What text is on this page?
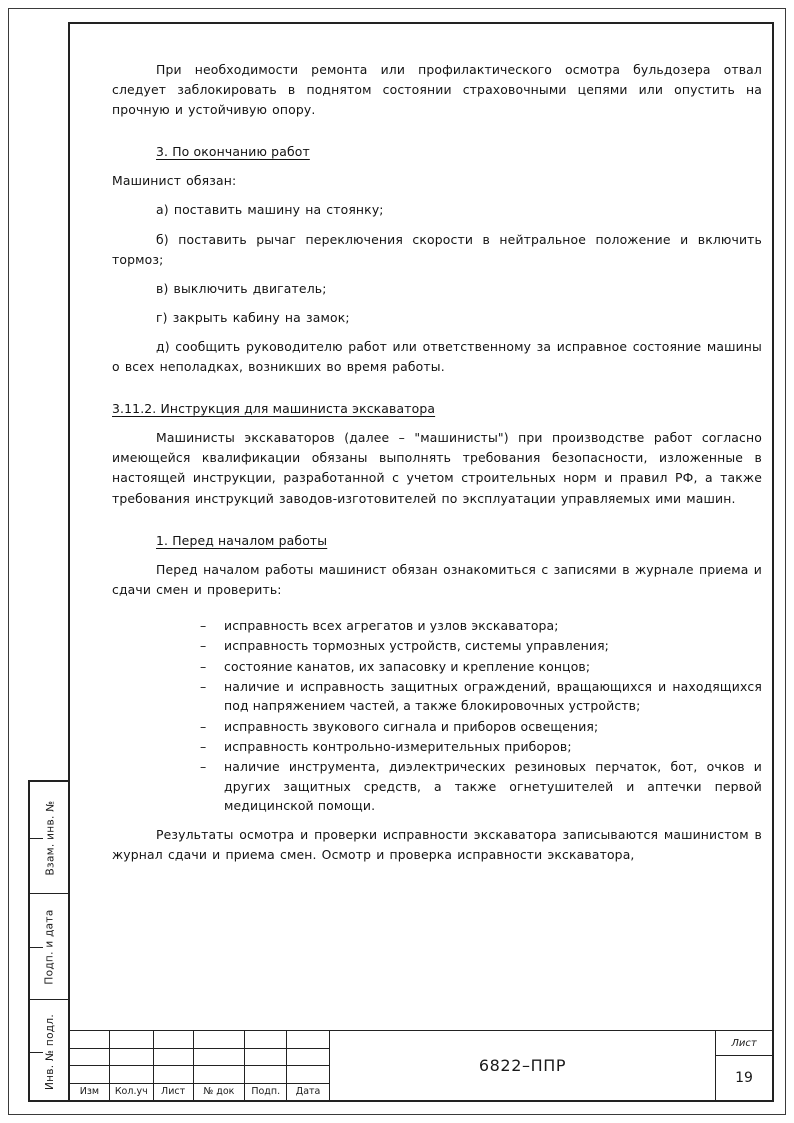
При необходимости ремонта или профилактического осмотра бульдозера отвал следует заблокировать в поднятом состоянии страховочными цепями или опустить на прочную и устойчивую опору.

3. По окончанию работ

Машинист обязан:

а) поставить машину на стоянку;

б) поставить рычаг переключения скорости в нейтральное положение и включить тормоз;

в) выключить двигатель;

г) закрыть кабину на замок;

д) сообщить руководителю работ или ответственному за исправное состояние машины о всех неполадках, возникших во время работы.

3.11.2. Инструкция для машиниста экскаватора

Машинисты экскаваторов (далее – "машинисты") при производстве работ согласно имеющейся квалификации обязаны выполнять требования безопасности, изложенные в настоящей инструкции, разработанной с учетом строительных норм и правил РФ, а также требования инструкций заводов-изготовителей по эксплуатации управляемых ими машин.

1. Перед началом работы

Перед началом работы машинист обязан ознакомиться с записями в журнале приема и сдачи смен и проверить:

– исправность всех агрегатов и узлов экскаватора;
– исправность тормозных устройств, системы управления;
– состояние канатов, их запасовку и крепление концов;
– наличие и исправность защитных ограждений, вращающихся и находящихся под напряжением частей, а также блокировочных устройств;
– исправность звукового сигнала и приборов освещения;
– исправность контрольно-измерительных приборов;
– наличие инструмента, диэлектрических резиновых перчаток, бот, очков и других защитных средств, а также огнетушителей и аптечки первой медицинской помощи.

Результаты осмотра и проверки исправности экскаватора записываются машинистом в журнал сдачи и приема смен. Осмотр и проверка исправности экскаватора,

Взам. инв. №
Подп. и дата
Инв. № подл.
Изм	Кол.уч	Лист	№ док	Подп.	Дата
6822–ППР
Лист
19
